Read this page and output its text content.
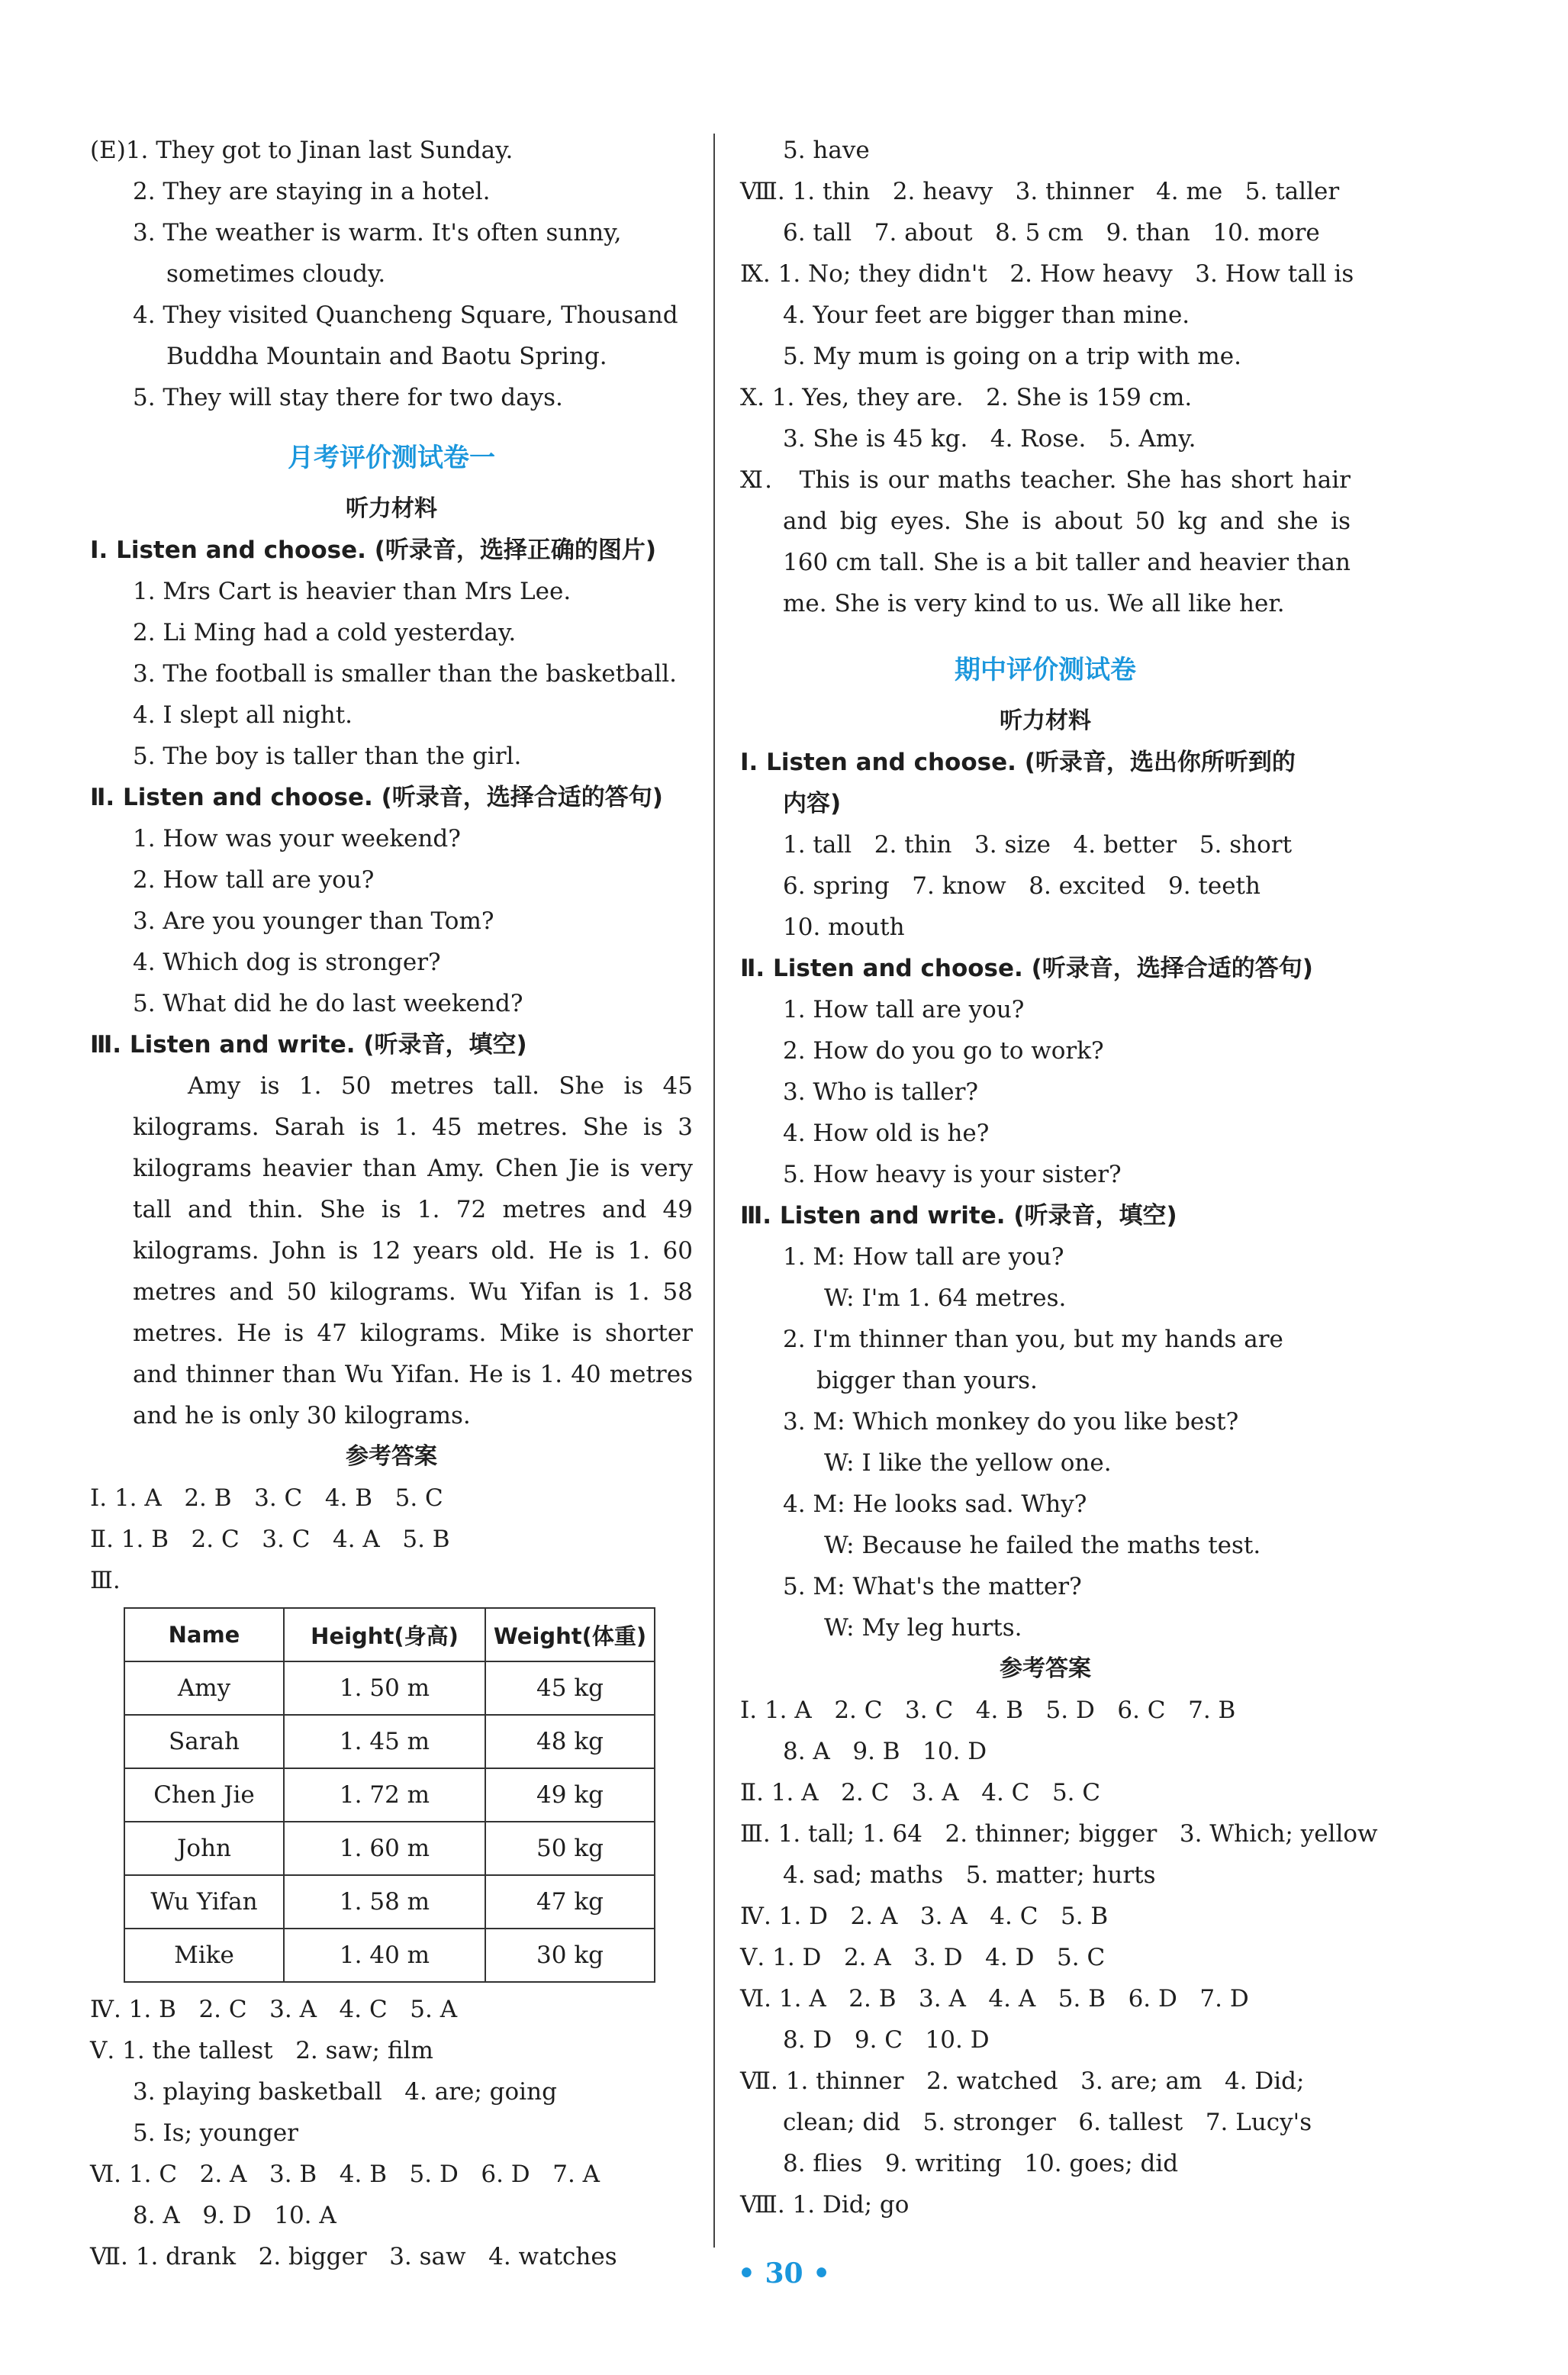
(E)1. They got to Jinan last Sunday.
2. They are staying in a hotel.
3. The weather is warm. It's often sunny,
sometimes cloudy.
4. They visited Quancheng Square, Thousand
Buddha Mountain and Baotu Spring.
5. They will stay there for two days.
月考评价测试卷一
听力材料
Ⅰ. Listen and choose. (听录音，选择正确的图片)
1. Mrs Cart is heavier than Mrs Lee.
2. Li Ming had a cold yesterday.
3. The football is smaller than the basketball.
4. I slept all night.
5. The boy is taller than the girl.
Ⅱ. Listen and choose. (听录音，选择合适的答句)
1. How was your weekend?
2. How tall are you?
3. Are you younger than Tom?
4. Which dog is stronger?
5. What did he do last weekend?
Ⅲ. Listen and write. (听录音，填空)
Amy is 1. 50 metres tall. She is 45 kilograms. Sarah is 1. 45 metres. She is 3 kilograms heavier than Amy. Chen Jie is very tall and thin. She is 1. 72 metres and 49 kilograms. John is 12 years old. He is 1. 60 metres and 50 kilograms. Wu Yifan is 1. 58 metres. He is 47 kilograms. Mike is shorter and thinner than Wu Yifan. He is 1. 40 metres and he is only 30 kilograms.
参考答案
Ⅰ. 1. A   2. B   3. C   4. B   5. C
Ⅱ. 1. B   2. C   3. C   4. A   5. B
Ⅲ.
Name	Height(身高)	Weight(体重)
Amy	1. 50 m	45 kg
Sarah	1. 45 m	48 kg
Chen Jie	1. 72 m	49 kg
John	1. 60 m	50 kg
Wu Yifan	1. 58 m	47 kg
Mike	1. 40 m	30 kg
Ⅳ. 1. B   2. C   3. A   4. C   5. A
Ⅴ. 1. the tallest   2. saw; film
3. playing basketball   4. are; going
5. Is; younger
Ⅵ. 1. C   2. A   3. B   4. B   5. D   6. D   7. A
8. A   9. D   10. A
Ⅶ. 1. drank   2. bigger   3. saw   4. watches
5. have
Ⅷ. 1. thin   2. heavy   3. thinner   4. me   5. taller
6. tall   7. about   8. 5 cm   9. than   10. more
Ⅸ. 1. No; they didn't   2. How heavy   3. How tall is
4. Your feet are bigger than mine.
5. My mum is going on a trip with me.
Ⅹ. 1. Yes, they are.   2. She is 159 cm.
3. She is 45 kg.   4. Rose.   5. Amy.
Ⅺ.   This is our maths teacher. She has short hair and big eyes. She is about 50 kg and she is 160 cm tall. She is a bit taller and heavier than me. She is very kind to us. We all like her.
期中评价测试卷
听力材料
Ⅰ. Listen and choose. (听录音，选出你所听到的
内容)
1. tall   2. thin   3. size   4. better   5. short
6. spring   7. know   8. excited   9. teeth
10. mouth
Ⅱ. Listen and choose. (听录音，选择合适的答句)
1. How tall are you?
2. How do you go to work?
3. Who is taller?
4. How old is he?
5. How heavy is your sister?
Ⅲ. Listen and write. (听录音，填空)
1. M: How tall are you?
W: I'm 1. 64 metres.
2. I'm thinner than you, but my hands are
bigger than yours.
3. M: Which monkey do you like best?
W: I like the yellow one.
4. M: He looks sad. Why?
W: Because he failed the maths test.
5. M: What's the matter?
W: My leg hurts.
参考答案
Ⅰ. 1. A   2. C   3. C   4. B   5. D   6. C   7. B
8. A   9. B   10. D
Ⅱ. 1. A   2. C   3. A   4. C   5. C
Ⅲ. 1. tall; 1. 64   2. thinner; bigger   3. Which; yellow
4. sad; maths   5. matter; hurts
Ⅳ. 1. D   2. A   3. A   4. C   5. B
Ⅴ. 1. D   2. A   3. D   4. D   5. C
Ⅵ. 1. A   2. B   3. A   4. A   5. B   6. D   7. D
8. D   9. C   10. D
Ⅶ. 1. thinner   2. watched   3. are; am   4. Did;
clean; did   5. stronger   6. tallest   7. Lucy's
8. flies   9. writing   10. goes; did
Ⅷ. 1. Did; go
• 30 •
